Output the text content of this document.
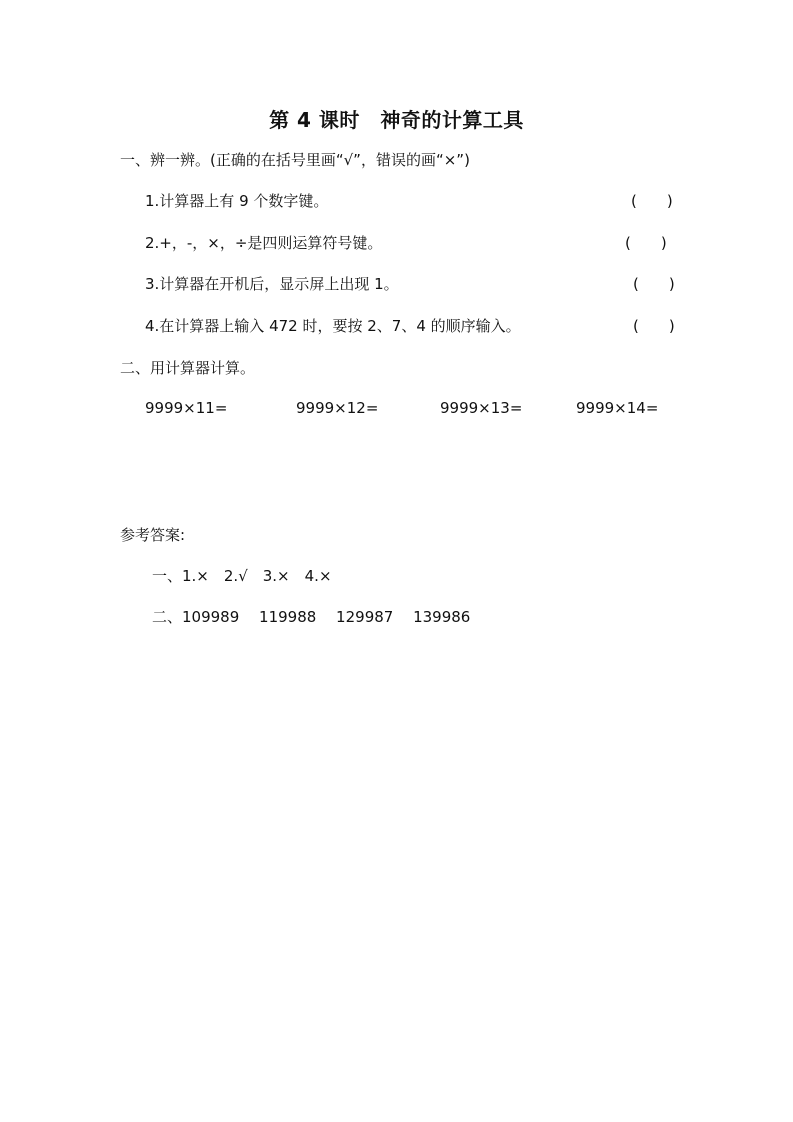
第 4 课时　神奇的计算工具
一、辨一辨。(正确的在括号里画“√”，错误的画“×”)
1.计算器上有 9 个数字键。	(　　)
2.+，-，×，÷是四则运算符号键。	(　　)
3.计算器在开机后，显示屏上出现 1。	(　　)
4.在计算器上输入 472 时，要按 2、7、4 的顺序输入。	(　　)
二、用计算器计算。
9999×11=	9999×12=	9999×13=	9999×14=
参考答案:
一、1.×　2.√　3.×　4.×
二、109989　 119988　 129987　 139986
